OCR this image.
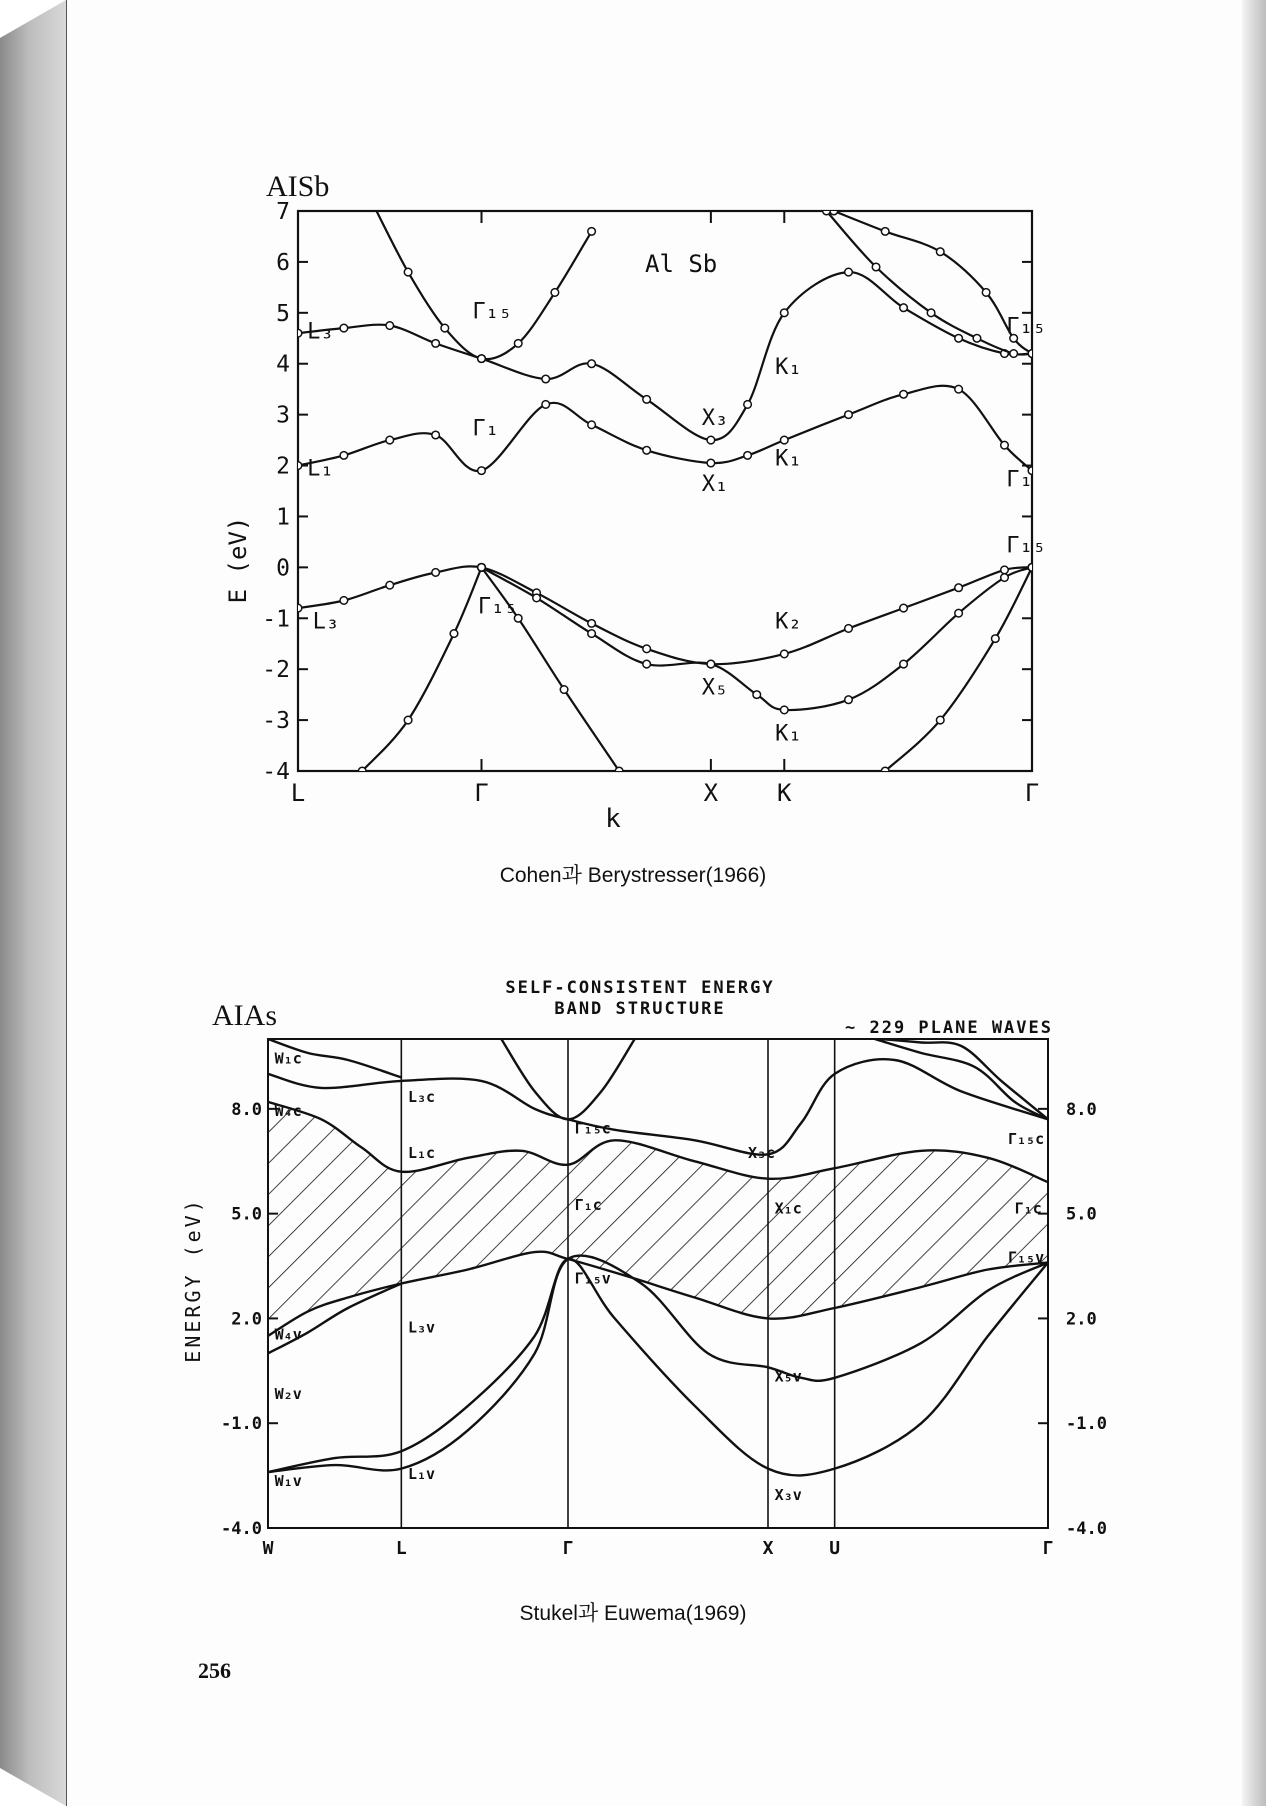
AISb
Al Sb
E (eV)
k
7
6
5
4
3
2
1
0
-1
-2
-3
-4
L	Γ	X K	Γ
L₃
L₁
L₃
Γ₁₅
Γ₁
Γ₁₅
X₃
X₁
X₅
K₁
K₁
K₂
K₁
Γ₁₅
Γ₁
Γ₁₅
Cohen과 Berystresser(1966)
AIAs
SELF-CONSISTENT ENERGY
BAND STRUCTURE
~ 229 PLANE WAVES
ENERGY (eV)
8.0	8.0
5.0	5.0
2.0	2.0
-1.0	-1.0
-4.0	-4.0
W	L	Γ	X	U	Γ
W₁c
W₄c
W₄v
W₂v
W₁v
L₃c
L₁c
L₃v
L₁v
Γ₁₅c
Γ₁c
Γ₁₅v
X₃c
X₁c
X₅v
X₃v
Γ₁₅c
Γ₁c
Γ₁₅v
Stukel과 Euwema(1969)
256
